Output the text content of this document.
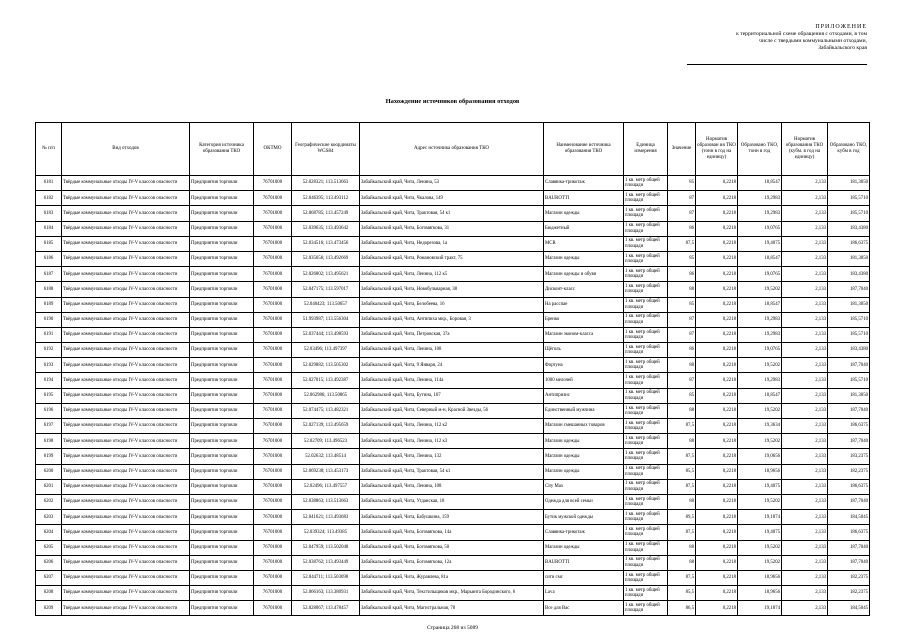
ПРИЛОЖЕНИЕ
к территориальной схеме обращения с отходами, в том
числе с твердыми коммунальными отходами,
Забайкальского края
Нахождение источников образования отходов
№ п/п	Вид отходов	Категория источника образования ТКО	ОКТМО	Географические координаты WGS84	Адрес источника образования ТКО	Наименование источника образования ТКО	Единица измерения	Значение	Норматив образован ия ТКО (тонн в год на единицу)	Образовано ТКО, тонн в год	Норматив образования ТКО (кубм. в год на единицу)	Образовано ТКО, кубм в год
6181	Твёрдые коммунальные отходы IV-V классов опасности	Предприятия торговли	76701000	52.028321; 113.513663	Забайкальский край, Чита, Ленина, 53	Славянка-трикотаж	1 кв. метр общей площади	85	0,2218	18,8547	2,133	181,3050
6182	Твёрдые коммунальные отходы IV-V классов опасности	Предприятия торговли	76701000	52.046395; 113.493112	Забайкальский край, Чита, Чкалова, 149	BAUROTTI	1 кв. метр общей площади	87	0,2218	19,2983	2,133	185,5710
6183	Твёрдые коммунальные отходы IV-V классов опасности	Предприятия торговли	76701000	52.068785; 113.457249	Забайкальский край, Чита, Трактовая, 54 к1	Магазин одежды	1 кв. метр общей площади	87	0,2218	19,2983	2,133	185,5710
6184	Твёрдые коммунальные отходы IV-V классов опасности	Предприятия торговли	76701000	52.039635; 113.493642	Забайкальский край, Чита, Богомягкова, 31	Бюджетный	1 кв. метр общей площади	86	0,2218	19,0765	2,133	183,4380
6185	Твёрдые коммунальные отходы IV-V классов опасности	Предприятия торговли	76701000	52.034516; 113.473456	Забайкальский край, Чита, Недорезова, 1а	MCR	1 кв. метр общей площади	87,5	0,2218	19,4075	2,133	186,6375
6186	Твёрдые коммунальные отходы IV-V классов опасности	Предприятия торговли	76701000	52.035656; 113.492669	Забайкальский край, Чита, Романовский тракт, 75	Магазин одежды	1 кв. метр общей площади	85	0,2218	18,8547	2,133	181,3050
6187	Твёрдые коммунальные отходы IV-V классов опасности	Предприятия торговли	76701000	52.026802; 113.495621	Забайкальский край, Чита, Ленина, 112 к5	Магазин одежды и обуви	1 кв. метр общей площади	86	0,2218	19,0765	2,133	183,4380
6188	Твёрдые коммунальные отходы IV-V классов опасности	Предприятия торговли	76701000	52.047175; 113.597017	Забайкальский край, Чита, Новобульварная, 38	Дисконт-класс	1 кв. метр общей площади	88	0,2218	19,5202	2,133	187,7040
6189	Твёрдые коммунальные отходы IV-V классов опасности	Предприятия торговли	76701000	52.040423; 113.50657	Забайкальский край, Чита, Белобеева, 16	На расспае	1 кв. метр общей площади	85	0,2218	18,8547	2,133	181,3050
6190	Твёрдые коммунальные отходы IV-V классов опасности	Предприятия торговли	76701000	51.993987; 113.556304	Забайкальский край, Чита, Антипиха мкр., Боровая, 3	Бренко	1 кв. метр общей площади	87	0,2218	19,2983	2,133	185,5710
6191	Твёрдые коммунальные отходы IV-V классов опасности	Предприятия торговли	76701000	52.037444; 113.498593	Забайкальский край, Чита, Петровская, 37а	Магазин эконом-класса	1 кв. метр общей площади	87	0,2218	19,2983	2,133	185,5710
6192	Твёрдые коммунальные отходы IV-V классов опасности	Предприятия торговли	76701000	52.03496; 113.497397	Забайкальский край, Чита, Ленина, 108	Щёголь	1 кв. метр общей площади	86	0,2218	19,0765	2,133	183,4380
6193	Твёрдые коммунальные отходы IV-V классов опасности	Предприятия торговли	76701000	52.029882; 113.505302	Забайкальский край, Чита, 9 Января, 24	Фортуна	1 кв. метр общей площади	88	0,2218	19,5202	2,133	187,7040
6194	Твёрдые коммунальные отходы IV-V классов опасности	Предприятия торговли	76701000	52.027015; 113.492387	Забайкальский край, Чита, Ленина, 114а	1000 мелочей	1 кв. метр общей площади	87	0,2218	19,2983	2,133	185,5710
6195	Твёрдые коммунальные отходы IV-V классов опасности	Предприятия торговли	76701000	52.062986; 113.50865	Забайкальский край, Чита, Бутина, 107	Антипризис	1 кв. метр общей площади	85	0,2218	18,8547	2,133	181,3050
6196	Твёрдые коммунальные отходы IV-V классов опасности	Предприятия торговли	76701000	52.074475; 113.482321	Забайкальский край, Чита, Северный м-н, Красной Звезды, 56	Единственный мужчина	1 кв. метр общей площади	88	0,2218	19,5202	2,133	187,7040
6197	Твёрдые коммунальные отходы IV-V классов опасности	Предприятия торговли	76701000	52.027139; 113.495659	Забайкальский край, Чита, Ленина, 112 к2	Магазин смешанных товаров	1 кв. метр общей площади	87,5	0,2218	19,3634	2,133	186,6375
6198	Твёрдые коммунальные отходы IV-V классов опасности	Предприятия торговли	76701000	52.02709; 113.496523	Забайкальский край, Чита, Ленина, 112 к3	Магазин одежды	1 кв. метр общей площади	88	0,2218	19,5202	2,133	187,7040
6199	Твёрдые коммунальные отходы IV-V классов опасности	Предприятия торговли	76701000	52.02632; 113.48514	Забайкальский край, Чита, Ленина, 132	Магазин одежды	1 кв. метр общей площади	87,5	0,2218	19,0656	2,133	183,2375
6200	Твёрдые коммунальные отходы IV-V классов опасности	Предприятия торговли	76701000	52.069238; 113.453173	Забайкальский край, Чита, Трактовая, 54 к1	Магазин одежды	1 кв. метр общей площади	85,5	0,2218	18,9656	2,133	182,2375
6201	Твёрдые коммунальные отходы IV-V классов опасности	Предприятия торговли	76701000	52.02496; 113.497557	Забайкальский край, Чита, Ленина, 108	City Max	1 кв. метр общей площади	87,5	0,2218	19,4075	2,133	186,6375
6202	Твёрдые коммунальные отходы IV-V классов опасности	Предприятия торговли	76701000	52.038863; 113.513663	Забайкальский край, Чита, Угданская, 18	Одежда для всей семьи	1 кв. метр общей площади	88	0,2218	19,5202	2,133	187,7040
6203	Твёрдые коммунальные отходы IV-V классов опасности	Предприятия торговли	76701000	52.041621; 113.493683	Забайкальский край, Чита, Бабушкина, 159	Бутик мужской одежды	1 кв. метр общей площади	89,5	0,2218	19,1874	2,133	184,5045
6204	Твёрдые коммунальные отходы IV-V классов опасности	Предприятия торговли	76701000	52.039324; 113.49385	Забайкальский край, Чита, Богомягкова, 14а	Славянка-трикотаж	1 кв. метр общей площади	87,5	0,2218	19,4075	2,133	186,6375
6205	Твёрдые коммунальные отходы IV-V классов опасности	Предприятия торговли	76701000	52.047959; 113.502048	Забайкальский край, Чита, Богомягкова, 50	Магазин одежды	1 кв. метр общей площади	88	0,2218	19,5202	2,133	187,7040
6206	Твёрдые коммунальные отходы IV-V классов опасности	Предприятия торговли	76701000	52.038762; 113.493449	Забайкальский край, Чита, Богомягкова, 12а	BAUROTTI	1 кв. метр общей площади	88	0,2218	19,5202	2,133	187,7040
6207	Твёрдые коммунальные отходы IV-V классов опасности	Предприятия торговли	76701000	52.044711; 113.503698	Забайкальский край, Чита, Журавлева, 81а	сити смс	1 кв. метр общей площади	87,5	0,2218	18,9656	2,133	182,2375
6208	Твёрдые коммунальные отходы IV-V классов опасности	Предприятия торговли	76701000	52.066163; 113.380931	Забайкальский край, Чита, Текстильщиков мкр., Марьинга Бородинского, 6	Lava	1 кв. метр общей площади	85,5	0,2218	18,9656	2,133	182,2375
6209	Твёрдые коммунальные отходы IV-V классов опасности	Предприятия торговли	76701000	52.028067; 113.478457	Забайкальский край, Чита, Магистральная, 78	Все для Вас	1 кв. метр общей площади	86,5	0,2218	19,1874	2,133	184,5045
Страница 268 из 5089
